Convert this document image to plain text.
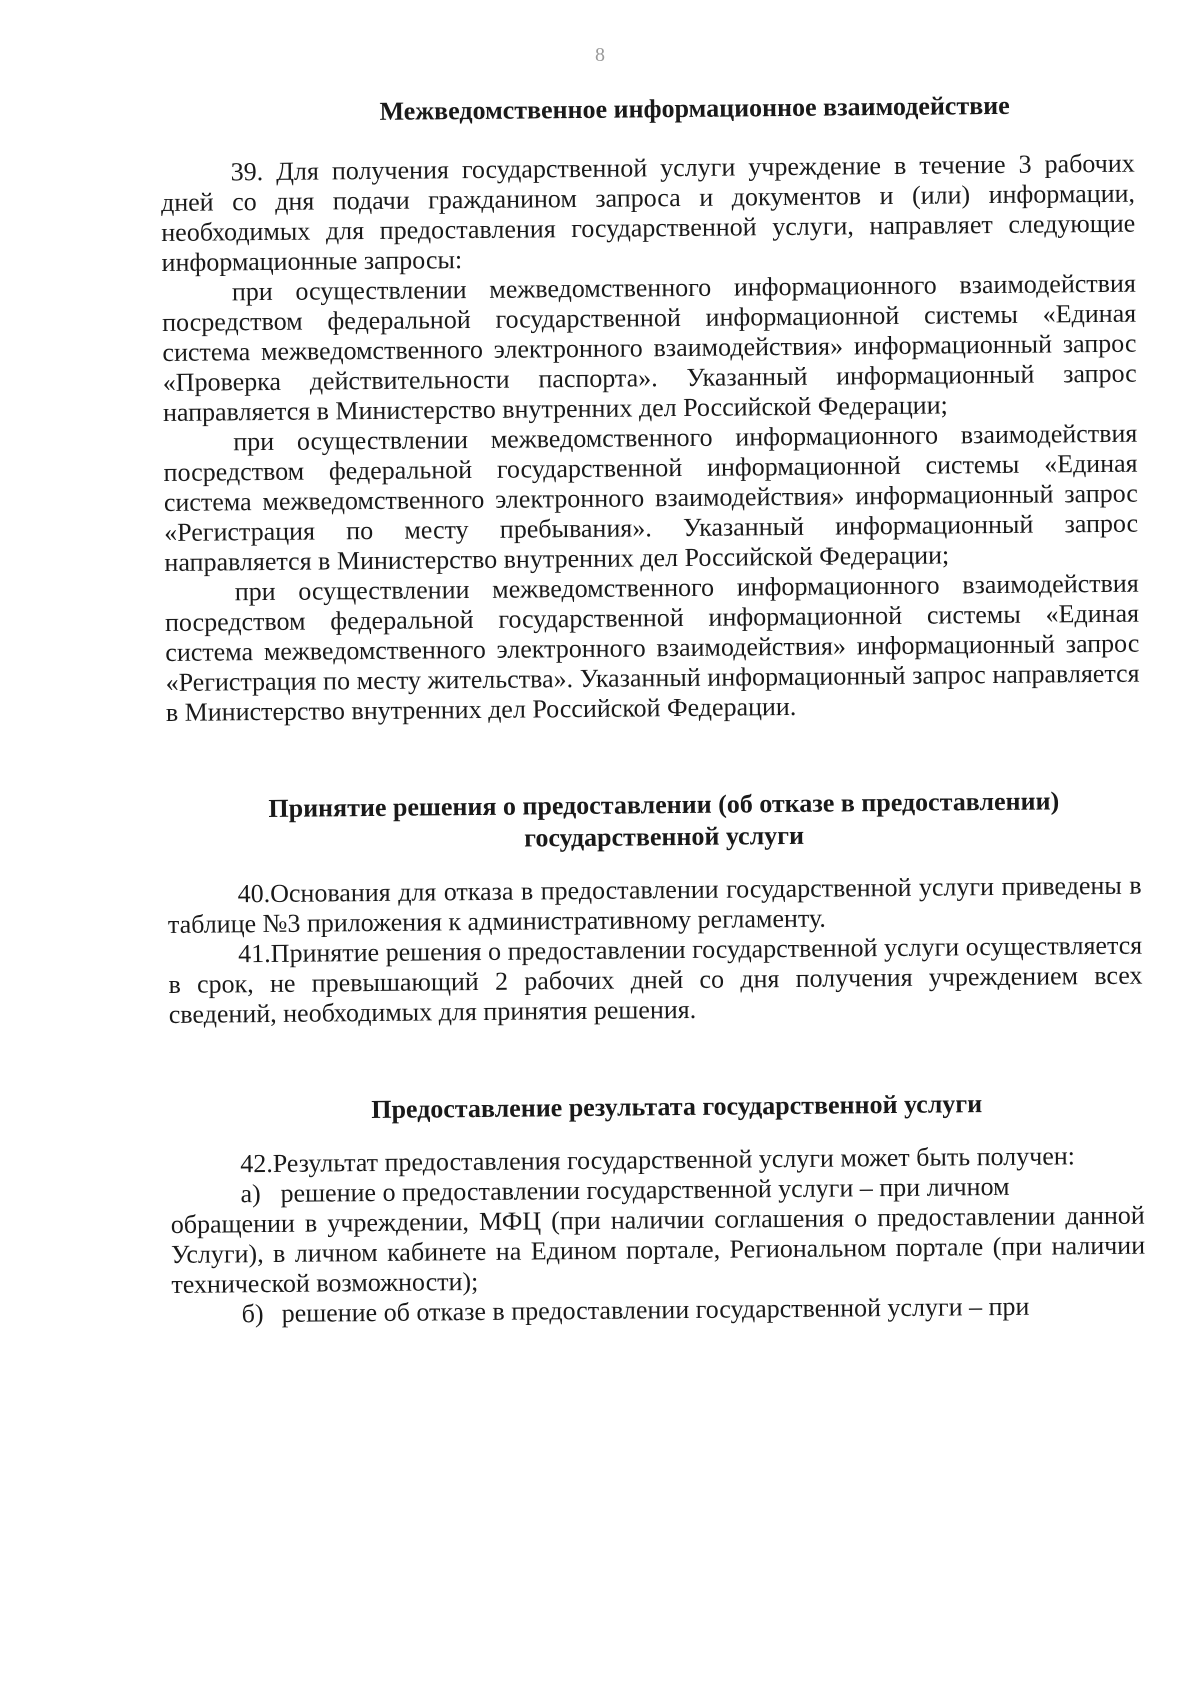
8
Межведомственное информационное взаимодействие

39. Для получения государственной услуги учреждение в течение 3 рабочих дней со дня подачи гражданином запроса и документов и (или) информации, необходимых для предоставления государственной услуги, направляет следующие информационные запросы:

при осуществлении межведомственного информационного взаимодействия посредством федеральной государственной информационной системы «Единая система межведомственного электронного взаимодействия» информационный запрос «Проверка действительности паспорта». Указанный информационный запрос направляется в Министерство внутренних дел Российской Федерации;

при осуществлении межведомственного информационного взаимодействия посредством федеральной государственной информационной системы «Единая система межведомственного электронного взаимодействия» информационный запрос «Регистрация по месту пребывания». Указанный информационный запрос направляется в Министерство внутренних дел Российской Федерации;

при осуществлении межведомственного информационного взаимодействия посредством федеральной государственной информационной системы «Единая система межведомственного электронного взаимодействия» информационный запрос «Регистрация по месту жительства». Указанный информационный запрос направляется в Министерство внутренних дел Российской Федерации.

Принятие решения о предоставлении (об отказе в предоставлении)
государственной услуги

40.Основания для отказа в предоставлении государственной услуги приведены в таблице №3 приложения к административному регламенту.

41.Принятие решения о предоставлении государственной услуги осуществляется в срок, не превышающий 2 рабочих дней со дня получения учреждением всех сведений, необходимых для принятия решения.

Предоставление результата государственной услуги

42.Результат предоставления государственной услуги может быть получен:

а) решение о предоставлении государственной услуги – при личном

обращении в учреждении, МФЦ (при наличии соглашения о предоставлении данной Услуги), в личном кабинете на Едином портале, Региональном портале (при наличии технической возможности);

б) решение об отказе в предоставлении государственной услуги – при
